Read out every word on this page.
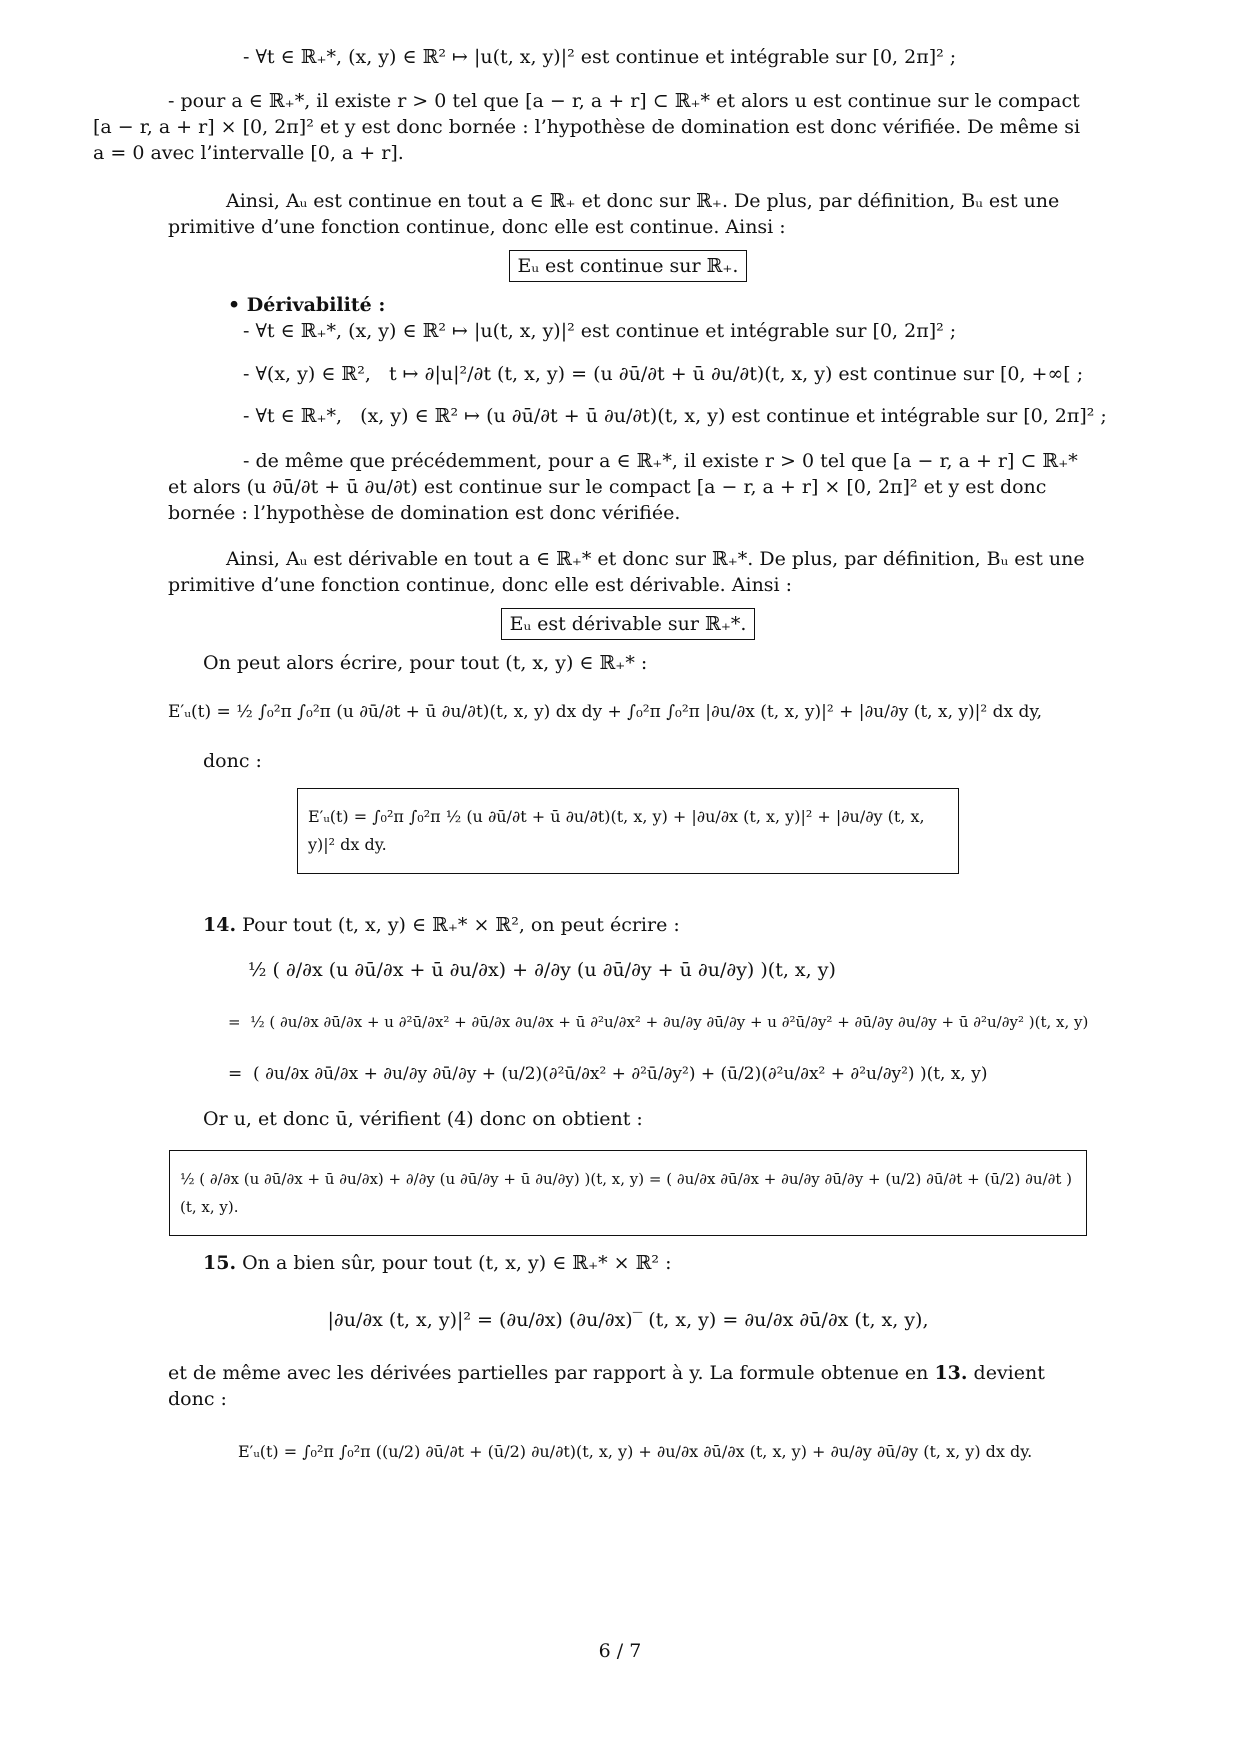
- ∀t ∈ ℝ₊*, (x, y) ∈ ℝ² ↦ |u(t, x, y)|² est continue et intégrable sur [0, 2π]² ;

- pour a ∈ ℝ₊*, il existe r > 0 tel que [a − r, a + r] ⊂ ℝ₊* et alors u est continue sur le compact [a − r, a + r] × [0, 2π]² et y est donc bornée : l’hypothèse de domination est donc vérifiée. De même si a = 0 avec l’intervalle [0, a + r].

Ainsi, Aᵤ est continue en tout a ∈ ℝ₊ et donc sur ℝ₊. De plus, par définition, Bᵤ est une primitive d’une fonction continue, donc elle est continue. Ainsi :

Eᵤ est continue sur ℝ₊.

• Dérivabilité :

- ∀t ∈ ℝ₊*, (x, y) ∈ ℝ² ↦ |u(t, x, y)|² est continue et intégrable sur [0, 2π]² ;

- ∀(x, y) ∈ ℝ²,   t ↦ ∂|u|²/∂t (t, x, y) = (u ∂ū/∂t + ū ∂u/∂t)(t, x, y) est continue sur [0, +∞[ ;

- ∀t ∈ ℝ₊*,   (x, y) ∈ ℝ² ↦ (u ∂ū/∂t + ū ∂u/∂t)(t, x, y) est continue et intégrable sur [0, 2π]² ;

- de même que précédemment, pour a ∈ ℝ₊*, il existe r > 0 tel que [a − r, a + r] ⊂ ℝ₊* et alors (u ∂ū/∂t + ū ∂u/∂t) est continue sur le compact [a − r, a + r] × [0, 2π]² et y est donc bornée : l’hypothèse de domination est donc vérifiée.

Ainsi, Aᵤ est dérivable en tout a ∈ ℝ₊* et donc sur ℝ₊*. De plus, par définition, Bᵤ est une primitive d’une fonction continue, donc elle est dérivable. Ainsi :

Eᵤ est dérivable sur ℝ₊*.

On peut alors écrire, pour tout (t, x, y) ∈ ℝ₊* :

E′ᵤ(t) = ½ ∫₀²π ∫₀²π (u ∂ū/∂t + ū ∂u/∂t)(t, x, y) dx dy + ∫₀²π ∫₀²π |∂u/∂x (t, x, y)|² + |∂u/∂y (t, x, y)|² dx dy,

donc :

E′ᵤ(t) = ∫₀²π ∫₀²π ½ (u ∂ū/∂t + ū ∂u/∂t)(t, x, y) + |∂u/∂x (t, x, y)|² + |∂u/∂y (t, x, y)|² dx dy.

14. Pour tout (t, x, y) ∈ ℝ₊* × ℝ², on peut écrire :

½ ( ∂/∂x (u ∂ū/∂x + ū ∂u/∂x) + ∂/∂y (u ∂ū/∂y + ū ∂u/∂y) )(t, x, y)

=  ½ ( ∂u/∂x ∂ū/∂x + u ∂²ū/∂x² + ∂ū/∂x ∂u/∂x + ū ∂²u/∂x² + ∂u/∂y ∂ū/∂y + u ∂²ū/∂y² + ∂ū/∂y ∂u/∂y + ū ∂²u/∂y² )(t, x, y)

=  ( ∂u/∂x ∂ū/∂x + ∂u/∂y ∂ū/∂y + (u/2)(∂²ū/∂x² + ∂²ū/∂y²) + (ū/2)(∂²u/∂x² + ∂²u/∂y²) )(t, x, y)

Or u, et donc ū, vérifient (4) donc on obtient :

½ ( ∂/∂x (u ∂ū/∂x + ū ∂u/∂x) + ∂/∂y (u ∂ū/∂y + ū ∂u/∂y) )(t, x, y) = ( ∂u/∂x ∂ū/∂x + ∂u/∂y ∂ū/∂y + (u/2) ∂ū/∂t + (ū/2) ∂u/∂t )(t, x, y).

15. On a bien sûr, pour tout (t, x, y) ∈ ℝ₊* × ℝ² :

|∂u/∂x (t, x, y)|² = (∂u/∂x) (∂u/∂x)‾ (t, x, y) = ∂u/∂x ∂ū/∂x (t, x, y),

et de même avec les dérivées partielles par rapport à y. La formule obtenue en 13. devient donc :

E′ᵤ(t) = ∫₀²π ∫₀²π ((u/2) ∂ū/∂t + (ū/2) ∂u/∂t)(t, x, y) + ∂u/∂x ∂ū/∂x (t, x, y) + ∂u/∂y ∂ū/∂y (t, x, y) dx dy.

6 / 7
